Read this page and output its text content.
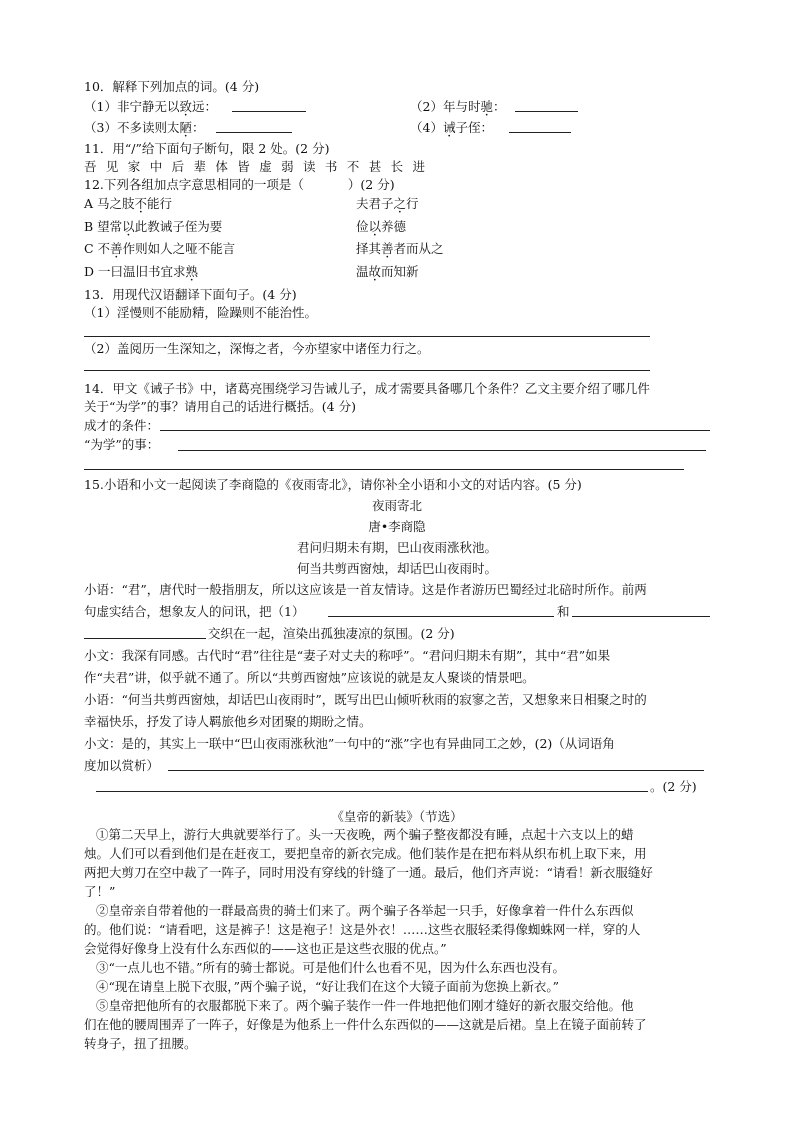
10．解释下列加点的词。(4 分)
（1）非宁静无以致远：	（2）年与时驰：
（3）不多读则太陋：	（4）诫子侄：
11．用“/”给下面句子断句，限 2 处。(2 分)
吾见家中后辈体皆虚弱读书不甚长进
12.下列各组加点字意思相同的一项是（	）(2 分)
A 马之肢不能行	夫君子之行
B 望常以此教诫子侄为要	俭以养德
C 不善作则如人之哑不能言	择其善者而从之
D 一曰温旧书宜求熟	温故而知新
13．用现代汉语翻译下面句子。(4 分)
（1）淫慢则不能励精，险躁则不能治性。
（2）盖阅历一生深知之，深悔之者，今亦望家中诸侄力行之。
14．甲文《诫子书》中，诸葛亮围绕学习告诫儿子，成才需要具备哪几个条件？乙文主要介绍了哪几件
关于“为学”的事？请用自己的话进行概括。(4 分)
成才的条件：
“为学”的事：
15.小语和小文一起阅读了李商隐的《夜雨寄北》，请你补全小语和小文的对话内容。(5 分)
夜雨寄北
唐•李商隐
君问归期未有期，巴山夜雨涨秋池。
何当共剪西窗烛，却话巴山夜雨时。
小语：“君”，唐代时一般指朋友，所以这应该是一首友情诗。这是作者游历巴蜀经过北碚时所作。前两
句虚实结合，想象友人的问讯，把（1）	和
交织在一起，渲染出孤独凄凉的氛围。(2 分)
小文：我深有同感。古代时“君”往往是“妻子对丈夫的称呼”。“君问归期未有期”，其中“君”如果
作“夫君”讲，似乎就不通了。所以“共剪西窗烛”应该说的就是友人聚谈的情景吧。
小语：“何当共剪西窗烛，却话巴山夜雨时”，既写出巴山倾听秋雨的寂寥之苦，又想象来日相聚之时的
幸福快乐，抒发了诗人羁旅他乡对团聚的期盼之情。
小文：是的，其实上一联中“巴山夜雨涨秋池”一句中的“涨”字也有异曲同工之妙，(2)（从词语角
度加以赏析）
。(2 分)
《皇帝的新装》（节选）
①第二天早上，游行大典就要举行了。头一天夜晚，两个骗子整夜都没有睡，点起十六支以上的蜡
烛。人们可以看到他们是在赶夜工，要把皇帝的新衣完成。他们装作是在把布料从织布机上取下来，用
两把大剪刀在空中裁了一阵子，同时用没有穿线的针缝了一通。最后，他们齐声说：“请看！新衣服缝好
了！”
②皇帝亲自带着他的一群最高贵的骑士们来了。两个骗子各举起一只手，好像拿着一件什么东西似
的。他们说：“请看吧，这是裤子！这是袍子！这是外衣！……这些衣服轻柔得像蜘蛛网一样，穿的人
会觉得好像身上没有什么东西似的——这也正是这些衣服的优点。”
③“一点儿也不错。”所有的骑士都说。可是他们什么也看不见，因为什么东西也没有。
④“现在请皇上脱下衣服，”两个骗子说，“好让我们在这个大镜子面前为您换上新衣。”
⑤皇帝把他所有的衣服都脱下来了。两个骗子装作一件一件地把他们刚才缝好的新衣服交给他。他
们在他的腰周围弄了一阵子，好像是为他系上一件什么东西似的——这就是后裙。皇上在镜子面前转了
转身子，扭了扭腰。
